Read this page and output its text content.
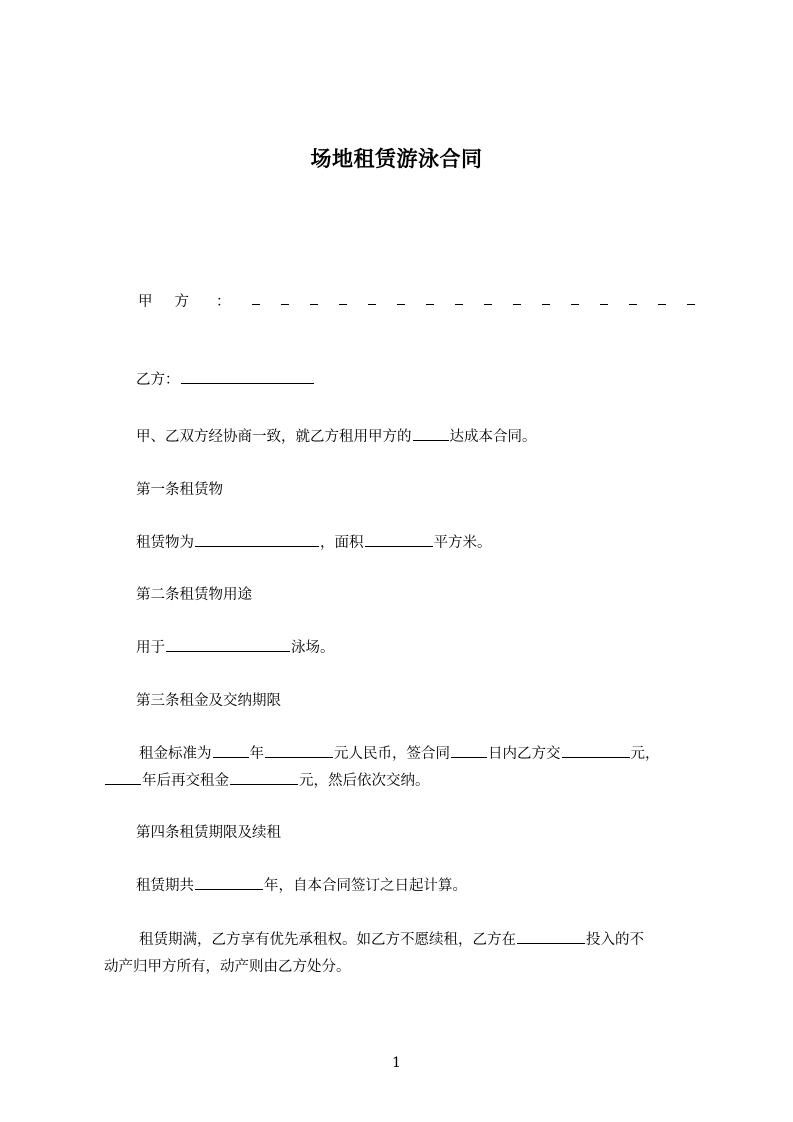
场地租赁游泳合同
甲方 ：
乙方：
甲、乙双方经协商一致，就乙方租用甲方的	达成本合同。
第一条租赁物
租赁物为	，面积	平方米。
第二条租赁物用途
用于	泳场。
第三条租金及交纳期限
租金标准为	年	元人民币，签合同	日内乙方交	元，
年后再交租金	元，然后依次交纳。
第四条租赁期限及续租
租赁期共	年，自本合同签订之日起计算。
租赁期满，乙方享有优先承租权。如乙方不愿续租，乙方在	投入的不
动产归甲方所有，动产则由乙方处分。
1
